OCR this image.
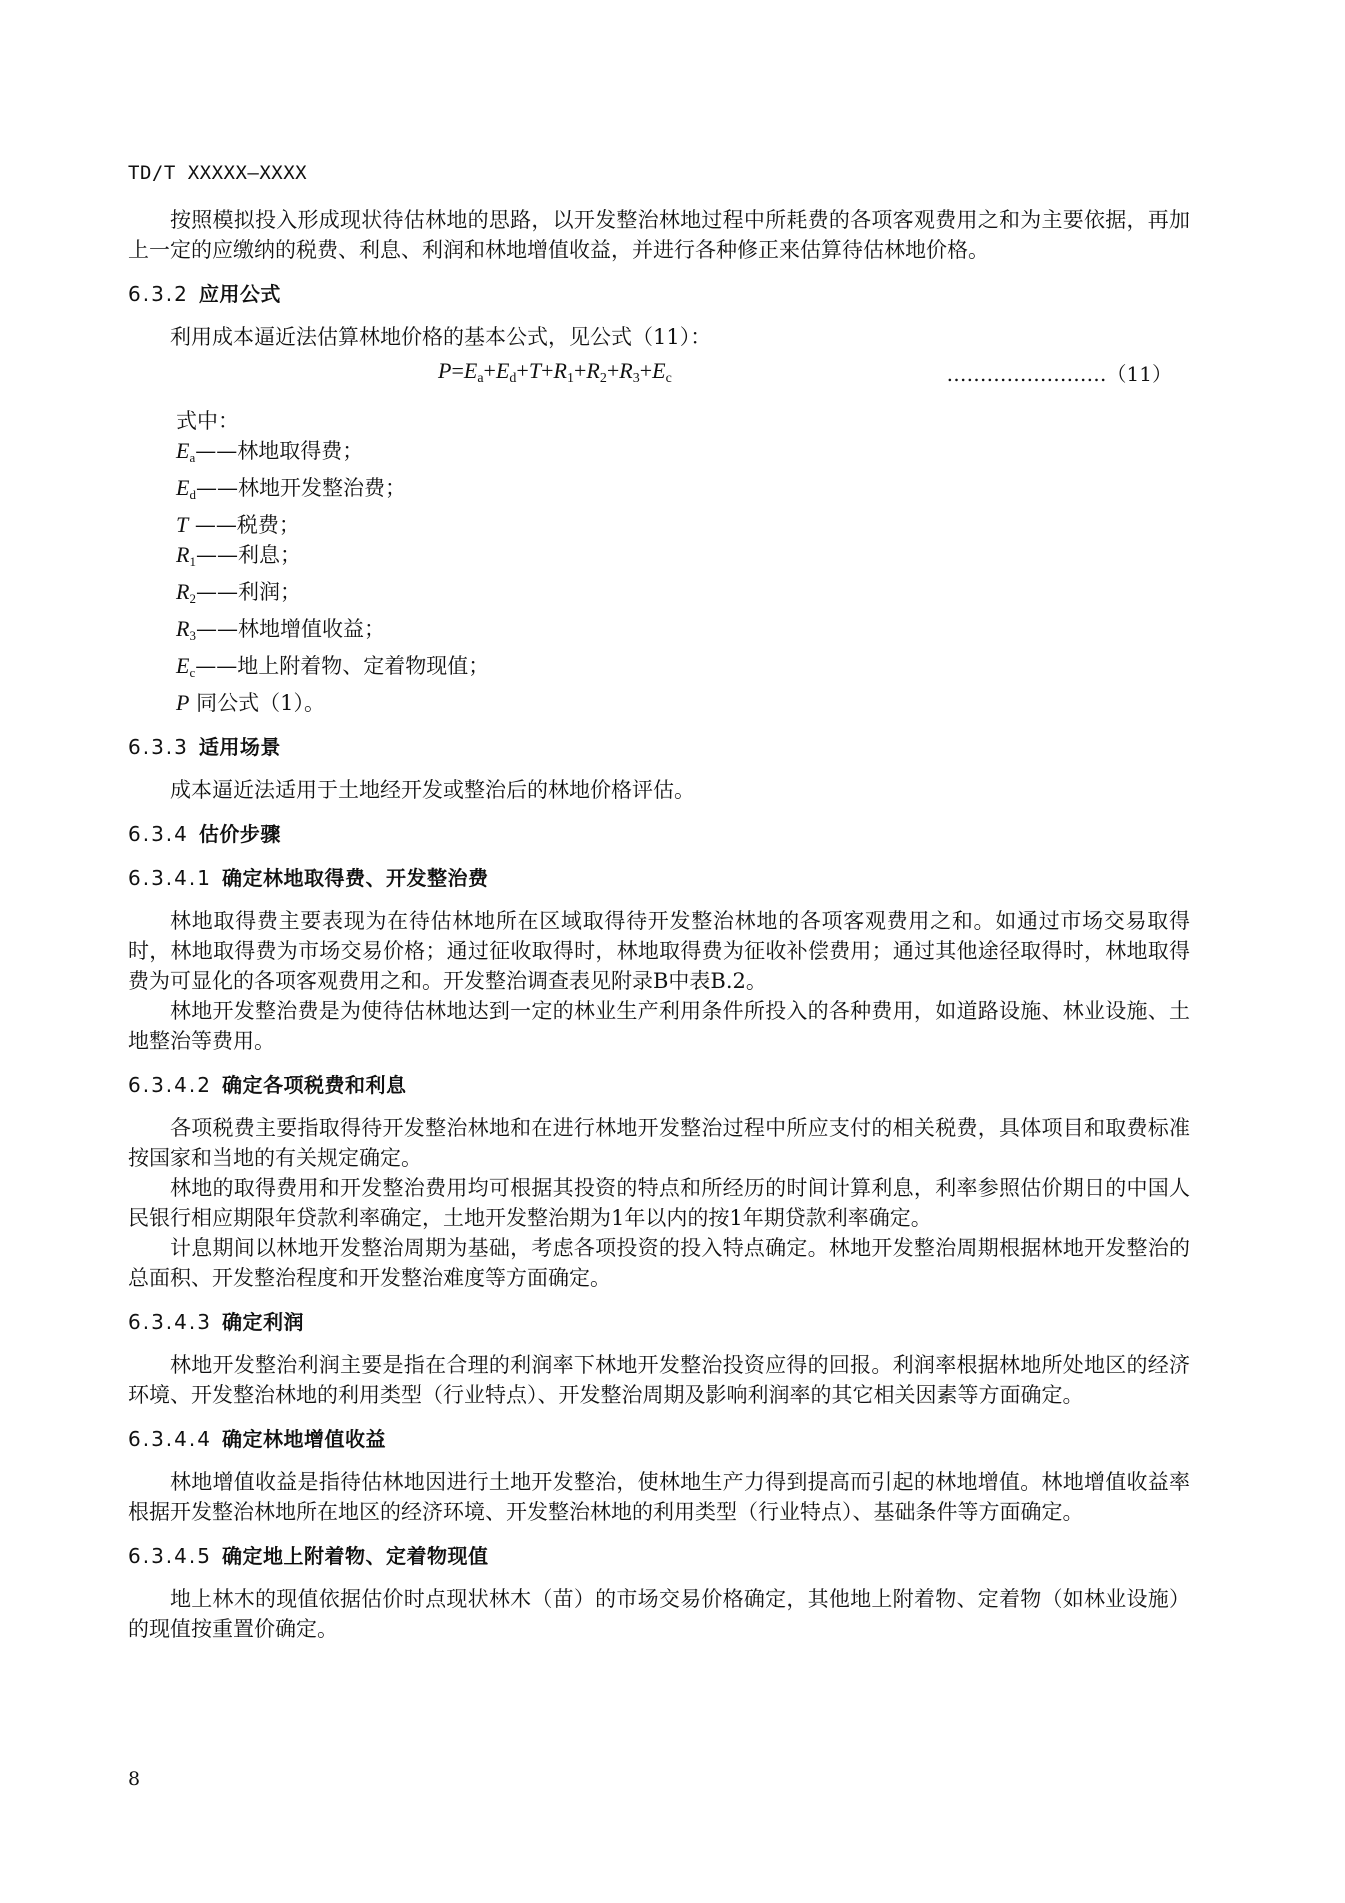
TD/T XXXXX—XXXX

按照模拟投入形成现状待估林地的思路，以开发整治林地过程中所耗费的各项客观费用之和为主要依据，再加上一定的应缴纳的税费、利息、利润和林地增值收益，并进行各种修正来估算待估林地价格。

6.3.2 应用公式

利用成本逼近法估算林地价格的基本公式，见公式（11）：

$P=E_a+E_d+T+R_1+R_2+R_3+E_c$	……………………（11）
式中：
$E_a——$林地取得费；
$E_d——$林地开发整治费；
T ——税费；
$R_1——$利息；
$R_2——$利润；
$R_3——$林地增值收益；
$E_c——$地上附着物、定着物现值；
P 同公式（1）。
6.3.3 适用场景

成本逼近法适用于土地经开发或整治后的林地价格评估。

6.3.4 估价步骤
6.3.4.1 确定林地取得费、开发整治费

林地取得费主要表现为在待估林地所在区域取得待开发整治林地的各项客观费用之和。如通过市场交易取得时，林地取得费为市场交易价格；通过征收取得时，林地取得费为征收补偿费用；通过其他途径取得时，林地取得费为可显化的各项客观费用之和。开发整治调查表见附录B中表B.2。

林地开发整治费是为使待估林地达到一定的林业生产利用条件所投入的各种费用，如道路设施、林业设施、土地整治等费用。

6.3.4.2 确定各项税费和利息

各项税费主要指取得待开发整治林地和在进行林地开发整治过程中所应支付的相关税费，具体项目和取费标准按国家和当地的有关规定确定。

林地的取得费用和开发整治费用均可根据其投资的特点和所经历的时间计算利息，利率参照估价期日的中国人民银行相应期限年贷款利率确定，土地开发整治期为1年以内的按1年期贷款利率确定。

计息期间以林地开发整治周期为基础，考虑各项投资的投入特点确定。林地开发整治周期根据林地开发整治的总面积、开发整治程度和开发整治难度等方面确定。

6.3.4.3 确定利润

林地开发整治利润主要是指在合理的利润率下林地开发整治投资应得的回报。利润率根据林地所处地区的经济环境、开发整治林地的利用类型（行业特点）、开发整治周期及影响利润率的其它相关因素等方面确定。

6.3.4.4 确定林地增值收益

林地增值收益是指待估林地因进行土地开发整治，使林地生产力得到提高而引起的林地增值。林地增值收益率根据开发整治林地所在地区的经济环境、开发整治林地的利用类型（行业特点）、基础条件等方面确定。

6.3.4.5 确定地上附着物、定着物现值

地上林木的现值依据估价时点现状林木（苗）的市场交易价格确定，其他地上附着物、定着物（如林业设施）的现值按重置价确定。

8
